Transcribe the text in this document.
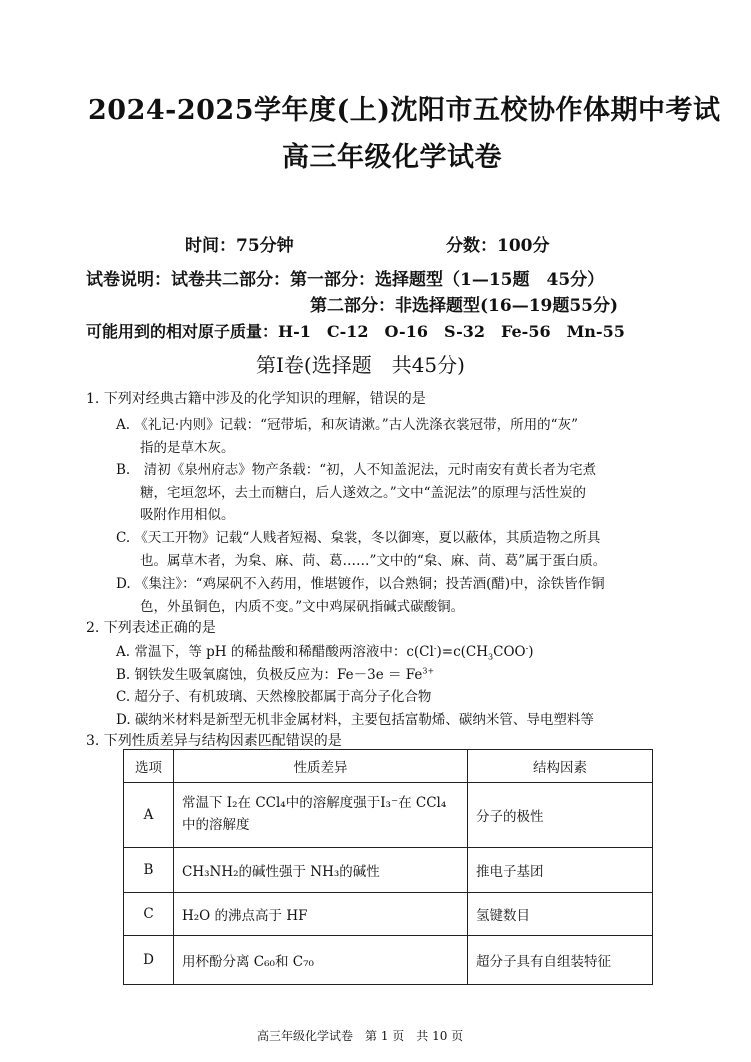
2024-2025学年度(上)沈阳市五校协作体期中考试
高三年级化学试卷
时间：75分钟	分数：100分
试卷说明：试卷共二部分：第一部分：选择题型（1—15题　45分）
第二部分：非选择题型(16—19题55分)
可能用到的相对原子质量：H-1　C-12　O-16　S-32　Fe-56　Mn-55
第Ⅰ卷(选择题　共45分)
1. 下列对经典古籍中涉及的化学知识的理解，错误的是
A. 《礼记·内则》记载：“冠带垢，和灰请漱。”古人洗涤衣裳冠带，所用的“灰”
指的是草木灰。
B.　清初《泉州府志》物产条载：“初，人不知盖泥法，元时南安有黄长者为宅煮
糖，宅垣忽坏，去土而糖白，后人遂效之。”文中“盖泥法”的原理与活性炭的
吸附作用相似。
C. 《天工开物》记载“人贱者短褐、枲裳，冬以御寒，夏以蔽体，其质造物之所具
也。属草木者，为枲、麻、苘、葛……”文中的“枲、麻、苘、葛”属于蛋白质。
D. 《集注》：“鸡屎矾不入药用，惟堪镀作，以合熟铜；投苦酒(醋)中，涂铁皆作铜
色，外虽铜色，内质不变。”文中鸡屎矾指碱式碳酸铜。
2. 下列表述正确的是
A. 常温下，等 pH 的稀盐酸和稀醋酸两溶液中：$c(Cl^-)=c(CH_3COO^-)$
B. 钢铁发生吸氧腐蚀，负极反应为：$Fe-3e = Fe^{3+}$
C. 超分子、有机玻璃、天然橡胶都属于高分子化合物
D. 碳纳米材料是新型无机非金属材料，主要包括富勒烯、碳纳米管、导电塑料等
3. 下列性质差异与结构因素匹配错误的是
选项	性质差异	结构因素
A	常温下 I₂在 CCl₄中的溶解度强于I₃⁻在 CCl₄中的溶解度	分子的极性
B	CH₃NH₂的碱性强于 NH₃的碱性	推电子基团
C	H₂O 的沸点高于 HF	氢键数目
D	用杯酚分离 C₆₀和 C₇₀	超分子具有自组装特征
高三年级化学试卷　第 1 页　共 10 页
